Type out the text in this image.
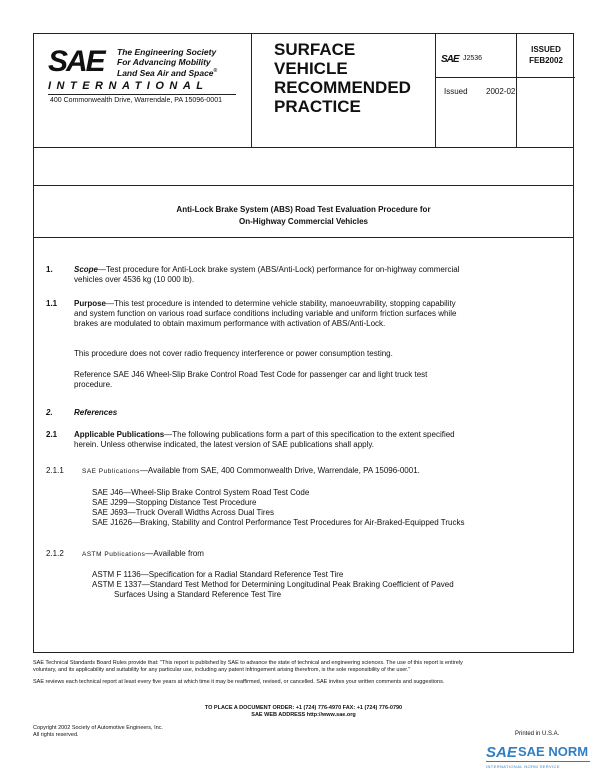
SAE The Engineering Society
For Advancing Mobility
Land Sea Air and Space®
INTERNATIONAL
400 Commonwealth Drive, Warrendale, PA 15096-0001
SURFACE
VEHICLE
RECOMMENDED
PRACTICE
SAE J2536
Issued 2002-02
ISSUED
FEB2002
Anti-Lock Brake System (ABS) Road Test Evaluation Procedure for
On-Highway Commercial Vehicles
1.	Scope—Test procedure for Anti-Lock brake system (ABS/Anti-Lock) performance for on-highway commercial
vehicles over 4536 kg (10 000 lb).
1.1 Purpose—This test procedure is intended to determine vehicle stability, manoeuvrability, stopping capability
and system function on various road surface conditions including variable and uniform friction surfaces while
brakes are modulated to obtain maximum performance with activation of ABS/Anti-Lock.
This procedure does not cover radio frequency interference or power consumption testing.
Reference SAE J46 Wheel-Slip Brake Control Road Test Code for passenger car and light truck test
procedure.
2.	References
2.1 Applicable Publications—The following publications form a part of this specification to the extent specified
herein. Unless otherwise indicated, the latest version of SAE publications shall apply.
2.1.1	SAE Publications—Available from SAE, 400 Commonwealth Drive, Warrendale, PA 15096-0001.
SAE J46—Wheel-Slip Brake Control System Road Test Code
SAE J299—Stopping Distance Test Procedure
SAE J693—Truck Overall Widths Across Dual Tires
SAE J1626—Braking, Stability and Control Performance Test Procedures for Air-Braked-Equipped Trucks
2.1.2	ASTM Publications—Available from
ASTM F 1136—Specification for a Radial Standard Reference Test Tire
ASTM E 1337—Standard Test Method for Determining Longitudinal Peak Braking Coefficient of Paved
Surfaces Using a Standard Reference Test Tire
SAE Technical Standards Board Rules provide that: "This report is published by SAE to advance the state of technical and engineering sciences. The use of this report is entirely
voluntary, and its applicability and suitability for any particular use, including any patent infringement arising therefrom, is the sole responsibility of the user."
SAE reviews each technical report at least every five years at which time it may be reaffirmed, revised, or cancelled. SAE invites your written comments and suggestions.
TO PLACE A DOCUMENT ORDER: +1 (724) 776-4970 FAX: +1 (724) 776-0790
SAE WEB ADDRESS http://www.sae.org
Copyright 2002 Society of Automotive Engineers, Inc.
All rights reserved.	Printed in U.S.A.
SAE SAE NORM
INTERNATIONAL NORM SERVICE
